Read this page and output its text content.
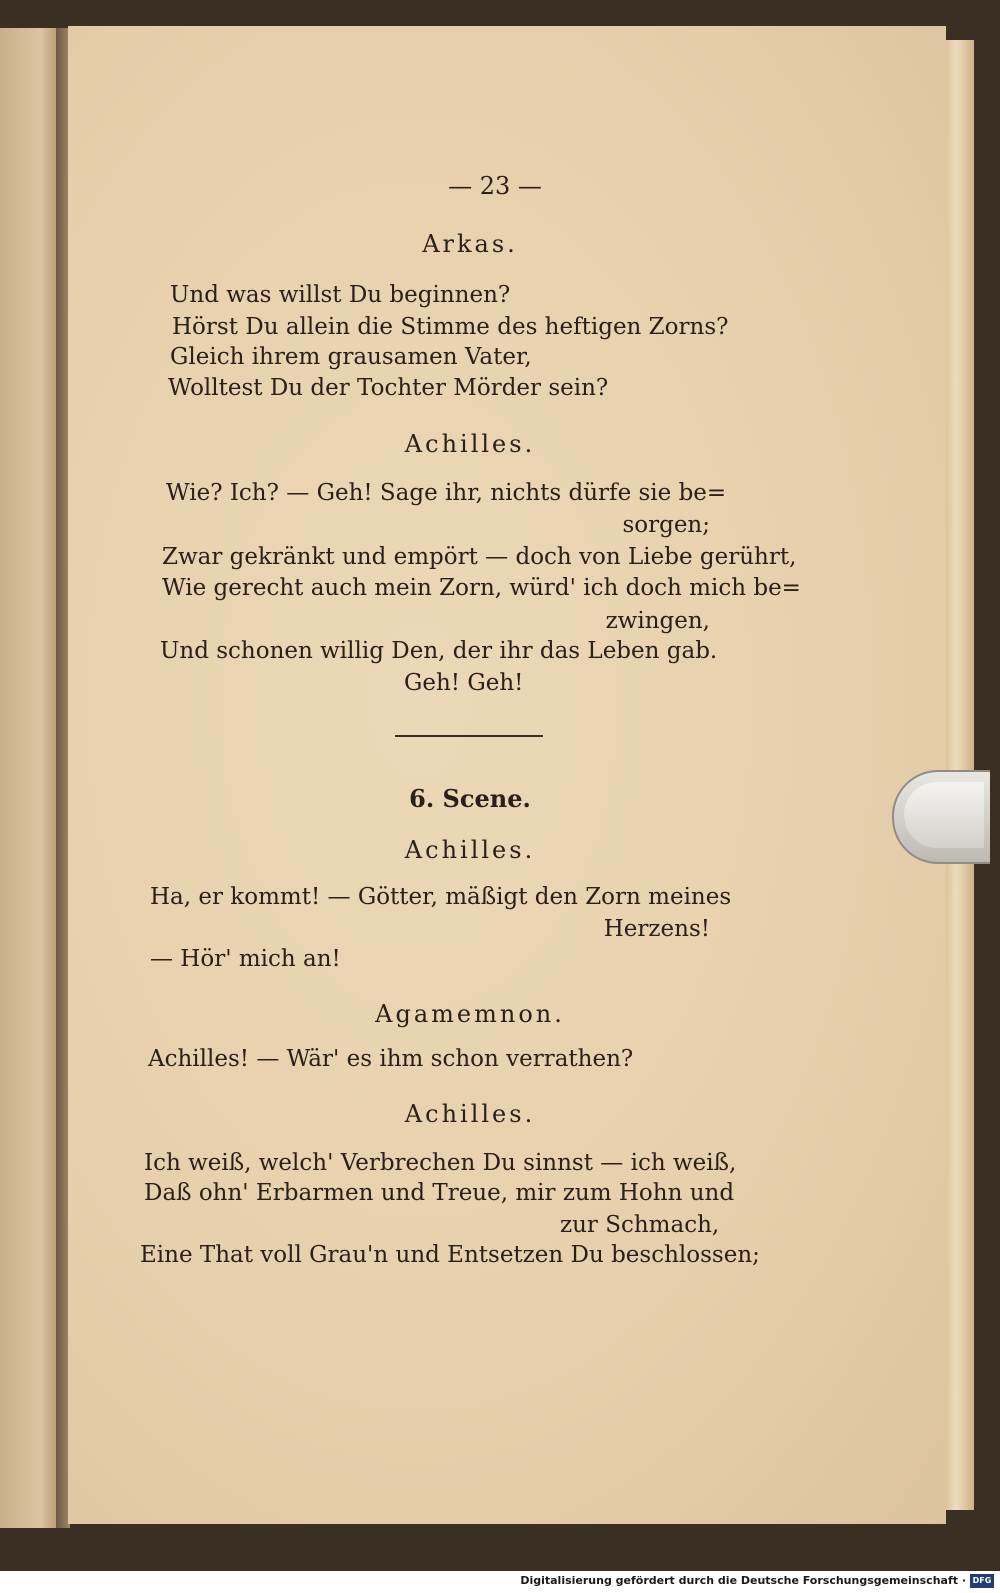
— 23 —
Arkas.
Und was willst Du beginnen?
Hörst Du allein die Stimme des heftigen Zorns?
Gleich ihrem grausamen Vater,
Wolltest Du der Tochter Mörder sein?
Achilles.
Wie? Ich? — Geh! Sage ihr, nichts dürfe sie be=
sorgen;
Zwar gekränkt und empört — doch von Liebe gerührt,
Wie gerecht auch mein Zorn, würd' ich doch mich be=
zwingen,
Und schonen willig Den, der ihr das Leben gab.
Geh! Geh!
6. Scene.
Achilles.
Ha, er kommt! — Götter, mäßigt den Zorn meines
Herzens!
— Hör' mich an!
Agamemnon.
Achilles! — Wär' es ihm schon verrathen?
Achilles.
Ich weiß, welch' Verbrechen Du sinnst — ich weiß,
Daß ohn' Erbarmen und Treue, mir zum Hohn und
zur Schmach,
Eine That voll Grau'n und Entsetzen Du beschlossen;
Digitalisierung gefördert durch die Deutsche Forschungsgemeinschaft · DFG
